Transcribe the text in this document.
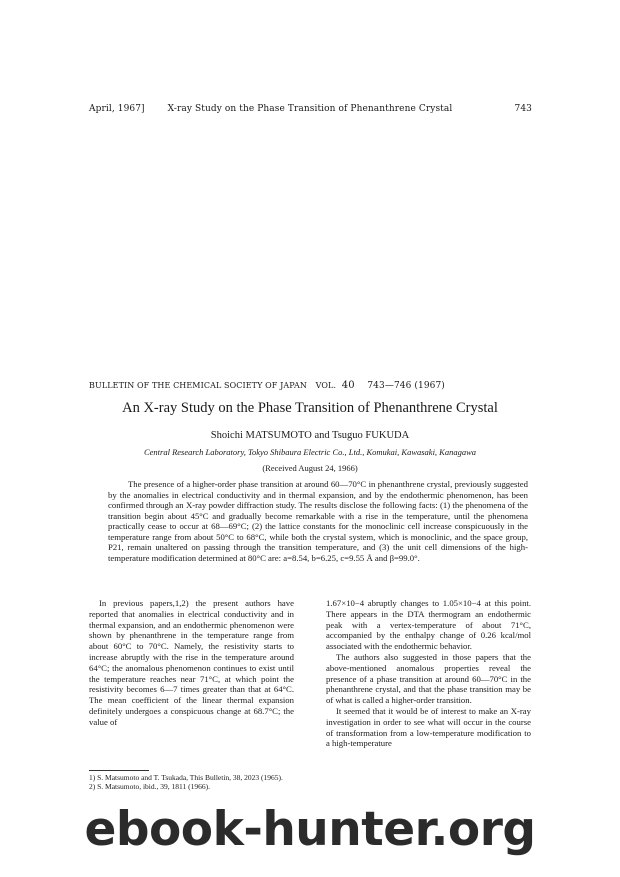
April, 1967]	X-ray Study on the Phase Transition of Phenanthrene Crystal	743
BULLETIN OF THE CHEMICAL SOCIETY OF JAPAN VOL. 40 743—746 (1967)
An X-ray Study on the Phase Transition of Phenanthrene Crystal
Shoichi MATSUMOTO and Tsuguo FUKUDA
Central Research Laboratory, Tokyo Shibaura Electric Co., Ltd., Komukai, Kawasaki, Kanagawa
(Received August 24, 1966)

The presence of a higher-order phase transition at around 60—70°C in phenanthrene crystal, previously suggested by the anomalies in electrical conductivity and in thermal expansion, and by the endothermic phenomenon, has been confirmed through an X-ray powder diffraction study. The results disclose the following facts: (1) the phenomena of the transition begin about 45°C and gradually become remarkable with a rise in the temperature, until the phenomena practically cease to occur at 68—69°C; (2) the lattice constants for the monoclinic cell increase conspicuously in the temperature range from about 50°C to 68°C, while both the crystal system, which is monoclinic, and the space group, P21, remain unaltered on passing through the transition temperature, and (3) the unit cell dimensions of the high-temperature modification determined at 80°C are: a=8.54, b=6.25, c=9.55 Å and β=99.0°.

In previous papers,1,2) the present authors have reported that anomalies in electrical conductivity and in thermal expansion, and an endothermic phenomenon were shown by phenanthrene in the temperature range from about 60°C to 70°C. Namely, the resistivity starts to increase abruptly with the rise in the temperature around 64°C; the anomalous phenomenon continues to exist until the temperature reaches near 71°C, at which point the resistivity becomes 6—7 times greater than that at 64°C. The mean coefficient of the linear thermal expansion definitely undergoes a conspicuous change at 68.7°C; the value of

1.67×10−4 abruptly changes to 1.05×10−4 at this point. There appears in the DTA thermogram an endothermic peak with a vertex-temperature of about 71°C, accompanied by the enthalpy change of 0.26 kcal/mol associated with the endothermic behavior.

The authors also suggested in those papers that the above-mentioned anomalous properties reveal the presence of a phase transition at around 60—70°C in the phenanthrene crystal, and that the phase transition may be of what is called a higher-order transition.

It seemed that it would be of interest to make an X-ray investigation in order to see what will occur in the course of transformation from a low-temperature modification to a high-temperature

1) S. Matsumoto and T. Tsukada, This Bulletin, 38, 2023 (1965).
2) S. Matsumoto, ibid., 39, 1811 (1966).
ebook-hunter.org
